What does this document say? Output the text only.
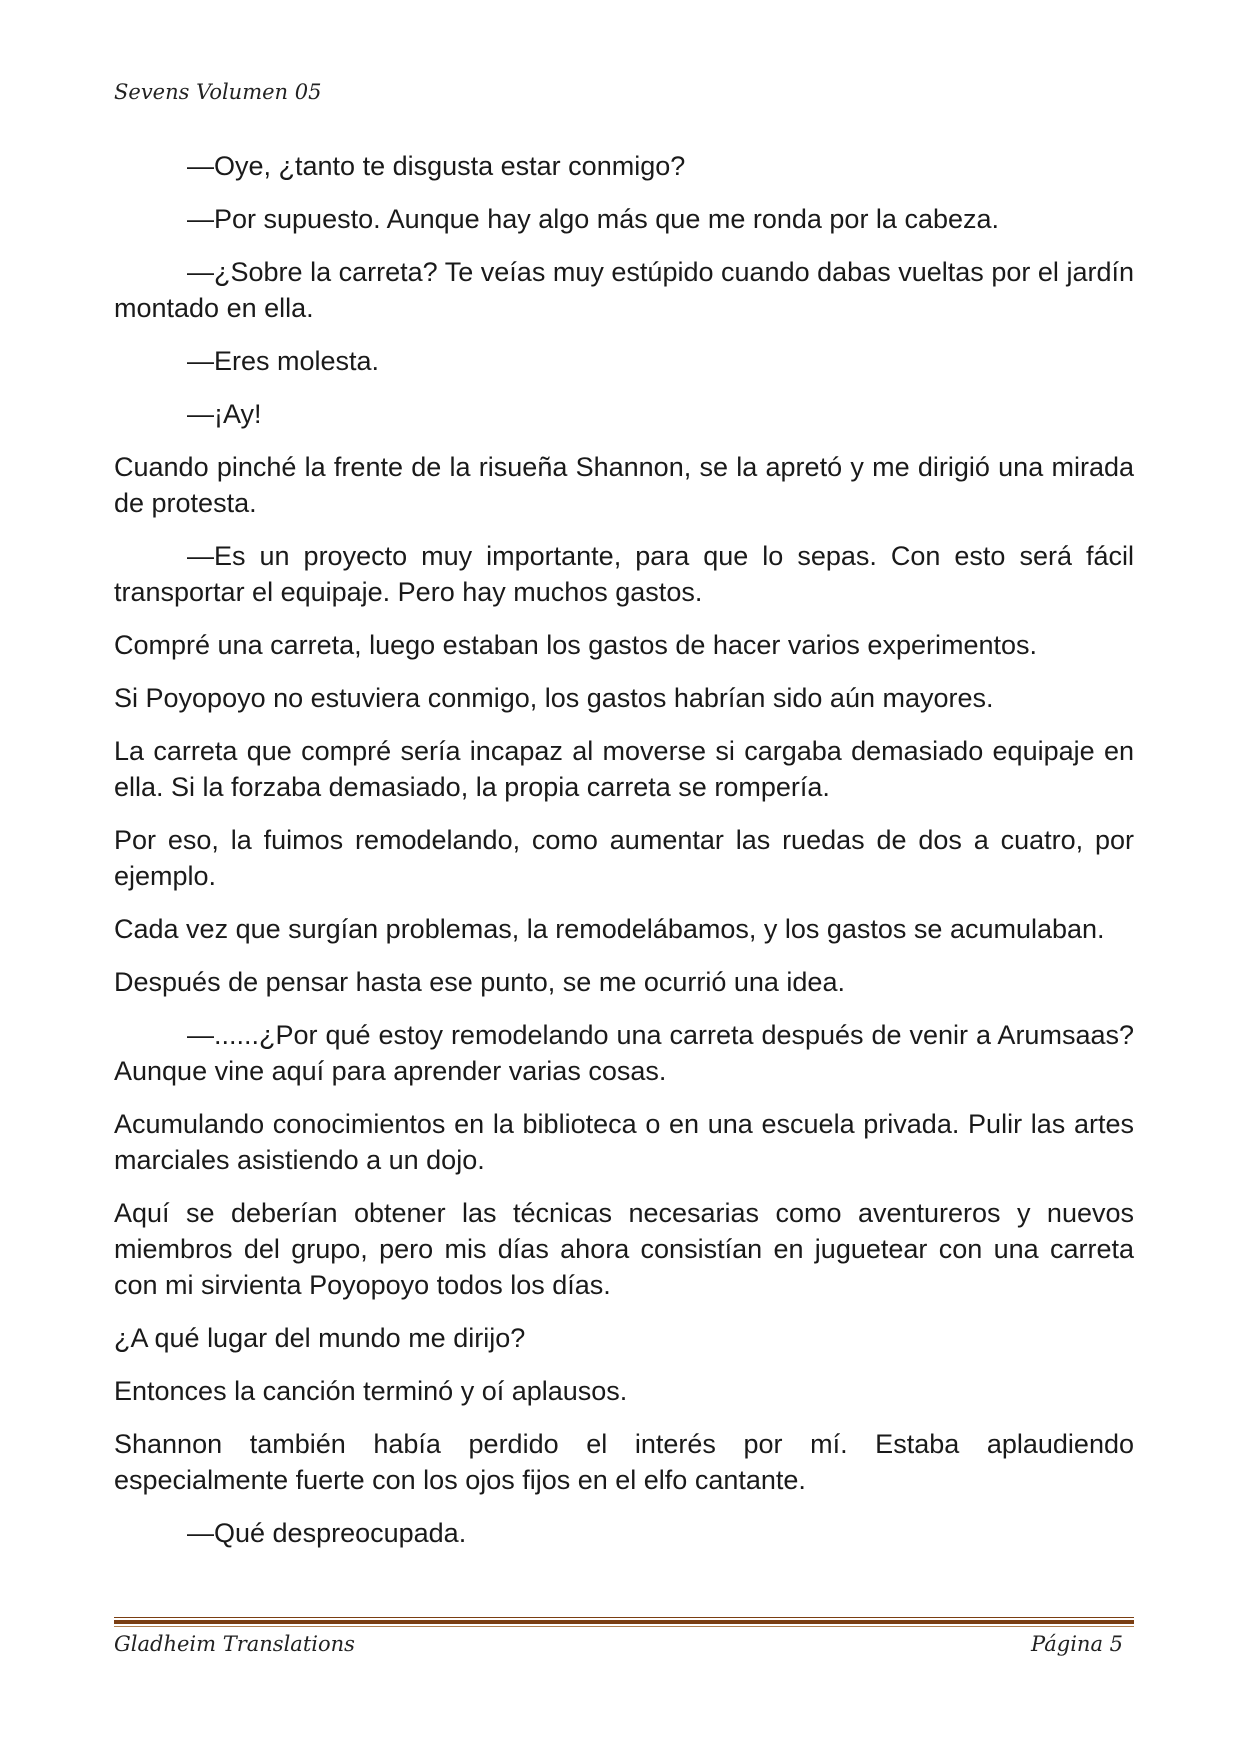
Sevens Volumen 05

—Oye, ¿tanto te disgusta estar conmigo?

—Por supuesto. Aunque hay algo más que me ronda por la cabeza.

—¿Sobre la carreta? Te veías muy estúpido cuando dabas vueltas por el jardín montado en ella.

—Eres molesta.

—¡Ay!

Cuando pinché la frente de la risueña Shannon, se la apretó y me dirigió una mirada de protesta.

—Es un proyecto muy importante, para que lo sepas. Con esto será fácil transportar el equipaje. Pero hay muchos gastos.

Compré una carreta, luego estaban los gastos de hacer varios experimentos.

Si Poyopoyo no estuviera conmigo, los gastos habrían sido aún mayores.

La carreta que compré sería incapaz al moverse si cargaba demasiado equipaje en ella. Si la forzaba demasiado, la propia carreta se rompería.

Por eso, la fuimos remodelando, como aumentar las ruedas de dos a cuatro, por ejemplo.

Cada vez que surgían problemas, la remodelábamos, y los gastos se acumulaban.

Después de pensar hasta ese punto, se me ocurrió una idea.

—......¿Por qué estoy remodelando una carreta después de venir a Arumsaas? Aunque vine aquí para aprender varias cosas.

Acumulando conocimientos en la biblioteca o en una escuela privada. Pulir las artes marciales asistiendo a un dojo.

Aquí se deberían obtener las técnicas necesarias como aventureros y nuevos miembros del grupo, pero mis días ahora consistían en juguetear con una carreta con mi sirvienta Poyopoyo todos los días.

¿A qué lugar del mundo me dirijo?

Entonces la canción terminó y oí aplausos.

Shannon también había perdido el interés por mí. Estaba aplaudiendo especialmente fuerte con los ojos fijos en el elfo cantante.

—Qué despreocupada.

Gladheim Translations	Página 5
